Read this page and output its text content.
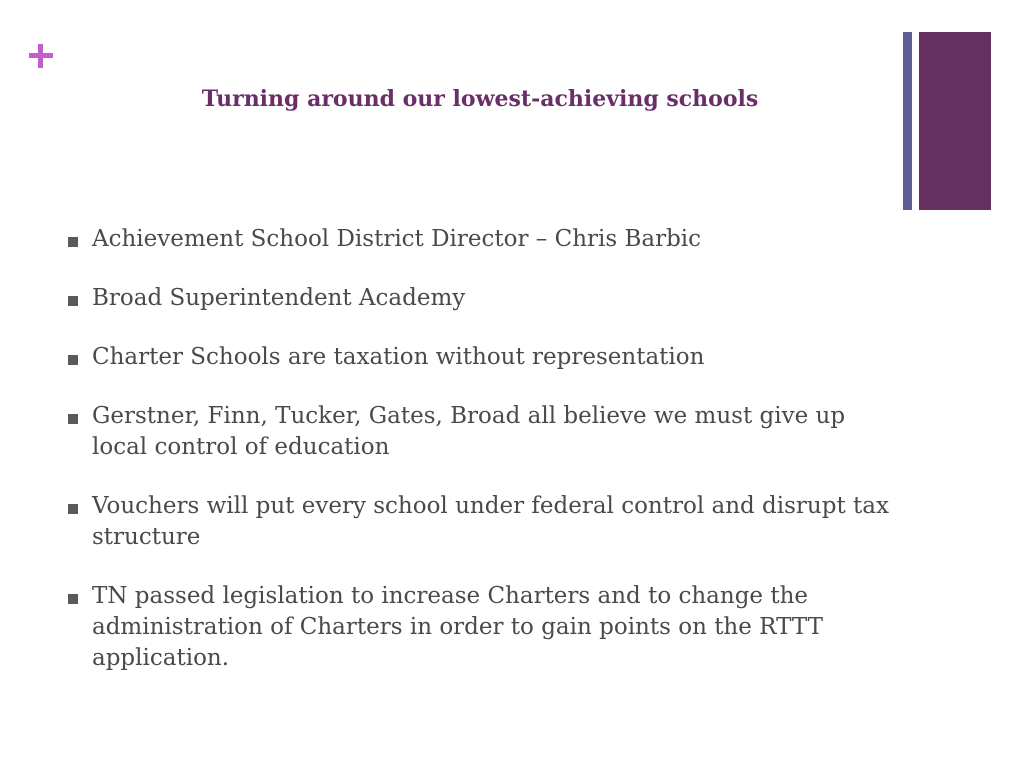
Turning around our lowest-achieving schools
Achievement School District Director – Chris Barbic
Broad Superintendent Academy
Charter Schools are taxation without representation
Gerstner, Finn, Tucker, Gates, Broad all believe we must give up local control of education
Vouchers will put every school under federal control and disrupt tax structure
TN passed legislation to increase Charters and to change the administration of Charters in order to gain points on the RTTT application.
